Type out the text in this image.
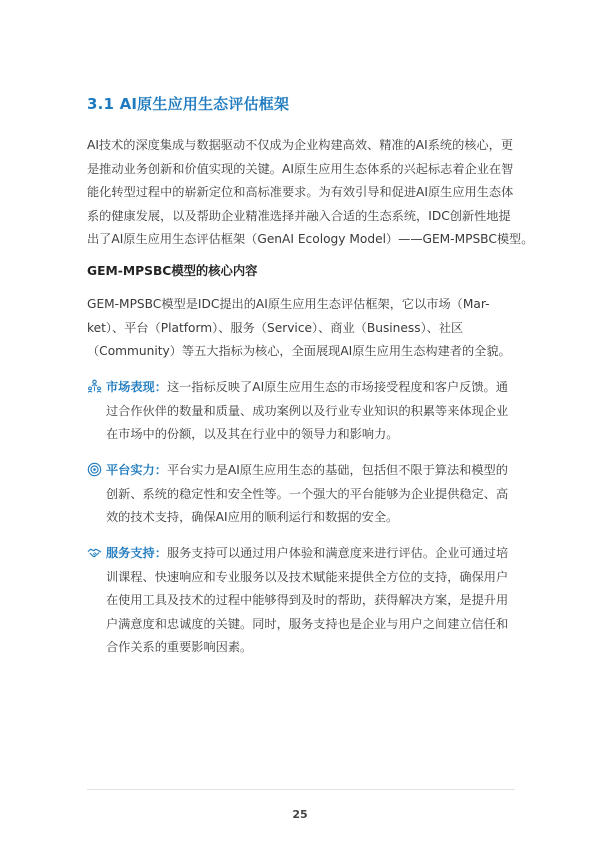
3.1 AI原生应用生态评估框架

AI技术的深度集成与数据驱动不仅成为企业构建高效、精准的AI系统的核心，更
是推动业务创新和价值实现的关键。AI原生应用生态体系的兴起标志着企业在智
能化转型过程中的崭新定位和高标准要求。为有效引导和促进AI原生应用生态体
系的健康发展，以及帮助企业精准选择并融入合适的生态系统，IDC创新性地提
出了AI原生应用生态评估框架（GenAI Ecology Model）——GEM-MPSBC模型。

GEM-MPSBC模型的核心内容

GEM-MPSBC模型是IDC提出的AI原生应用生态评估框架，它以市场（Mar-
ket）、平台（Platform）、服务（Service）、商业（Business）、社区
（Community）等五大指标为核心，全面展现AI原生应用生态构建者的全貌。

市场表现：这一指标反映了AI原生应用生态的市场接受程度和客户反馈。通
过合作伙伴的数量和质量、成功案例以及行业专业知识的积累等来体现企业
在市场中的份额，以及其在行业中的领导力和影响力。
平台实力：平台实力是AI原生应用生态的基础，包括但不限于算法和模型的
创新、系统的稳定性和安全性等。一个强大的平台能够为企业提供稳定、高
效的技术支持，确保AI应用的顺利运行和数据的安全。
服务支持：服务支持可以通过用户体验和满意度来进行评估。企业可通过培
训课程、快速响应和专业服务以及技术赋能来提供全方位的支持，确保用户
在使用工具及技术的过程中能够得到及时的帮助，获得解决方案，是提升用
户满意度和忠诚度的关键。同时，服务支持也是企业与用户之间建立信任和
合作关系的重要影响因素。
25
